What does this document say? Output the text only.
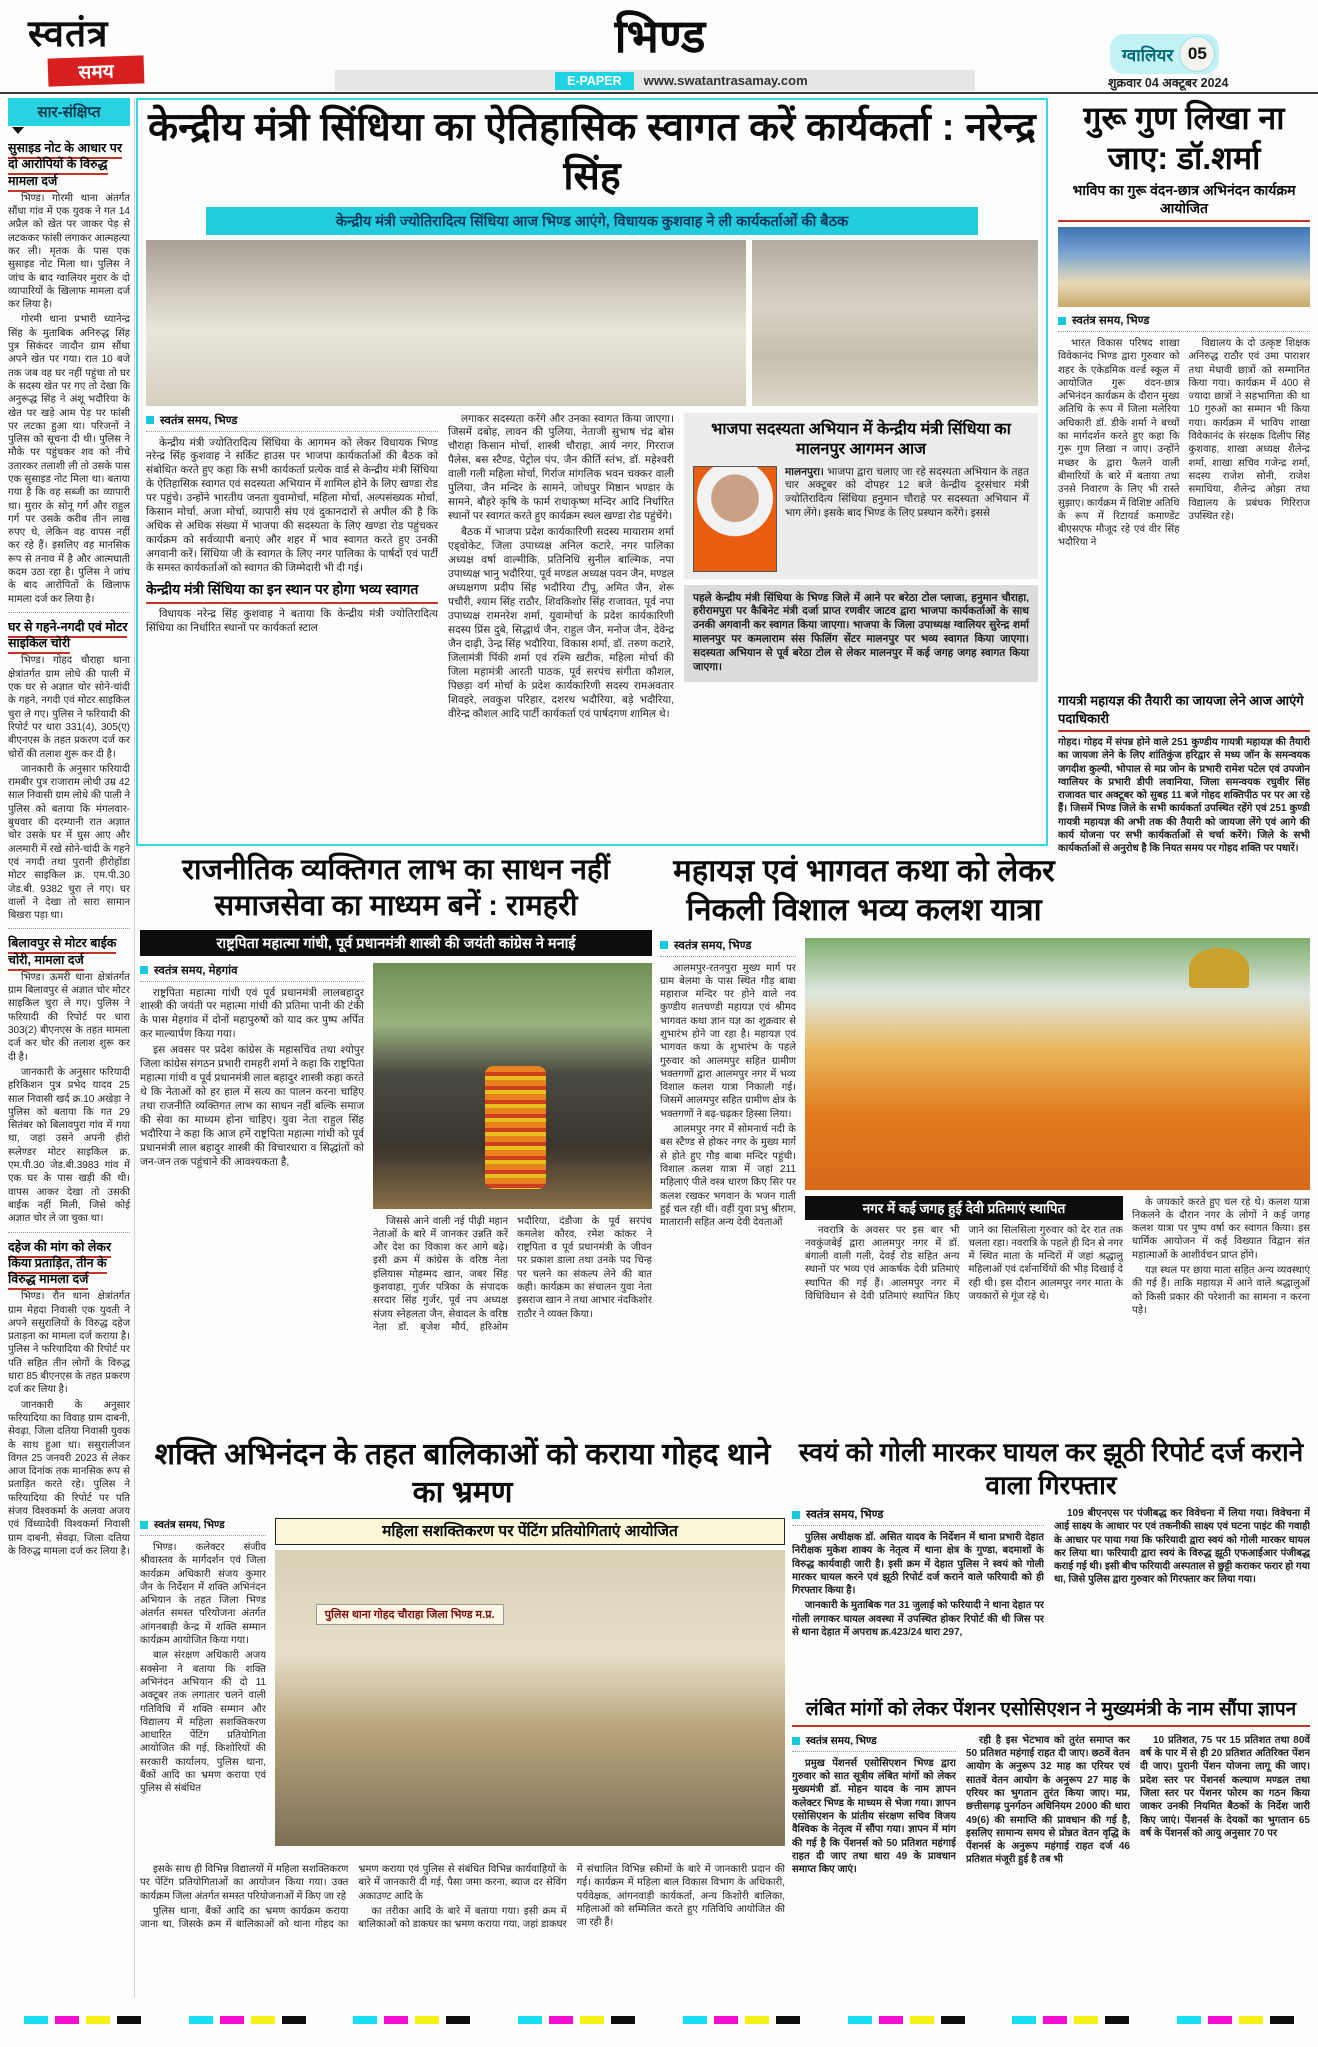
स्वतंत्र
समय
भिण्ड	ग्वालियर 05
शुक्रवार 04 अक्टूबर 2024
E-PAPER	www.swatantrasamay.com
सार-संक्षिप्त
सुसाइड नोट के आधार पर दो आरोपियों के विरुद्ध मामला दर्ज

भिण्ड। गोरमी थाना अंतर्गत सौंधा गांव में एक युवक ने गत 14 अप्रैल को खेत पर जाकर पेड़ से लटककर फांसी लगाकर आत्महत्या कर ली। मृतक के पास एक सुसाइड नोट मिला था। पुलिस ने जांच के बाद ग्वालियर मुरार के दो व्यापारियों के खिलाफ मामला दर्ज कर लिया है।

गोरमी थाना प्रभारी ध्यानेन्द्र सिंह के मुताबिक अनिरुद्ध सिंह पुत्र सिकंदर जादौन ग्राम सौंधा अपने खेत पर गया। रात 10 बजे तक जब वह घर नहीं पहुंचा तो घर के सदस्य खेत पर गए तो देखा कि अनुरूद्ध सिंह ने अंशू भदौरिया के खेत पर खड़े आम पेड़ पर फांसी पर लटका हुआ था। परिजनों ने पुलिस को सूचना दी थी। पुलिस ने मौके पर पहुंचकर शव को नीचे उतारकर तलाशी ली तो उसके पास एक सुसाइड नोट मिला था। बताया गया है कि वह सब्जी का व्यापारी था। मुरार के सोनू गर्ग और राहुल गर्ग पर उसके करीब तीन लाख रुपए थे, लेकिन वह वापस नहीं कर रहे हैं। इसलिए वह मानसिक रूप से तनाव में है और आत्मघाती कदम उठा रहा है। पुलिस ने जांच के बाद आरोपितों के खिलाफ मामला दर्ज कर लिया है।

घर से गहने-नगदी एवं मोटर साइकिल चोरी

भिण्ड। गोहद चौराहा थाना क्षेत्रांतर्गत ग्राम लोधे की पाली में एक घर से अज्ञात चोर सोने-चांदी के गहने, नगदी एवं मोटर साइकिल चुरा ले गए। पुलिस ने फरियादी की रिपोर्ट पर धारा 331(4), 305(ए) बीएनएस के तहत प्रकरण दर्ज कर चोरों की तलाश शुरू कर दी है।

जानकारी के अनुसार फरियादी रामबीर पुत्र राजाराम लोधी उम्र 42 साल निवासी ग्राम लोधे की पाली ने पुलिस को बताया कि मंगलवार-बुधवार की दरम्यानी रात अज्ञात चोर उसके घर में घुस आए और अलमारी में रखे सोने-चांदी के गहने एवं नगदी तथा पुरानी हीरोहोंडा मोटर साइकिल क्र. एम.पी.30 जेड.बी. 9382 चुरा ले गए। घर वालों ने देखा तो सारा सामान बिखरा पड़ा था।

बिलावपुर से मोटर बाईक चोरी, मामला दर्ज

भिण्ड। ऊमरी थाना क्षेत्रांतर्गत ग्राम बिलावपुर से अज्ञात चोर मोटर साइकिल चुरा ले गए। पुलिस ने फरियादी की रिपोर्ट पर धारा 303(2) बीएनएस के तहत मामला दर्ज कर चोर की तलाश शुरू कर दी है।

जानकारी के अनुसार फरियादी हरिकिशन पुत्र प्रभेद यादव 25 साल निवासी खर्द क्र.10 अखेड़ा ने पुलिस को बताया कि गत 29 सितंबर को बिलावपुरा गांव में गया था, जहां उसने अपनी हीरो स्प्लेण्डर मोटर साइकिल क्र. एम.पी.30 जेड.बी.3983 गांव में एक घर के पास खड़ी की थी। वापस आकर देखा तो उसकी बाईक नहीं मिली, जिसे कोई अज्ञात चोर ले जा चुका था।

दहेज की मांग को लेकर किया प्रताड़ित, तीन के विरुद्ध मामला दर्ज

भिण्ड। रौन थाना क्षेत्रांतर्गत ग्राम मेहदा निवासी एक युवती ने अपने ससुरालियों के विरुद्ध दहेज प्रताड़ना का मामला दर्ज कराया है। पुलिस ने फरियादिया की रिपोर्ट पर पति सहित तीन लोगों के विरुद्ध धारा 85 बीएनएस के तहत प्रकरण दर्ज कर लिया है।

जानकारी के अनुसार फरियादिया का विवाह ग्राम दाबनी, सेवढ़ा, जिला दतिया निवासी युवक के साथ हुआ था। ससुरालीजन विगत 25 जनवरी 2023 से लेकर आज दिनांक तक मानसिक रूप से प्रताड़ित करते रहे। पुलिस ने फरियादिया की रिपोर्ट पर पति संजय विश्वकर्मा के अलवा अजय एवं विंध्यादेवी विश्वकर्मा निवासी ग्राम दाबनी, सेवढ़ा, जिला दतिया के विरुद्ध मामला दर्ज कर लिया है।

केन्द्रीय मंत्री सिंधिया का ऐतिहासिक स्वागत करें कार्यकर्ता : नरेन्द्र सिंह
केन्द्रीय मंत्री ज्योतिरादित्य सिंधिया आज भिण्ड आएंगे, विधायक कुशवाह ने ली कार्यकर्ताओं की बैठक
स्वतंत्र समय, भिण्ड

केन्द्रीय मंत्री ज्योतिरादित्य सिंधिया के आगमन को लेकर विधायक भिण्ड नरेन्द्र सिंह कुशवाह ने सर्किट हाउस पर भाजपा कार्यकर्ताओं की बैठक को संबोधित करते हुए कहा कि सभी कार्यकर्ता प्रत्येक वार्ड से केन्द्रीय मंत्री सिंधिया के ऐतिहासिक स्वागत एवं सदस्यता अभियान में शामिल होने के लिए खण्डा रोड पर पहुंचे। उन्होंने भारतीय जनता युवामोर्चा, महिला मोर्चा, अल्पसंख्यक मोर्चा, किसान मोर्चा, अजा मोर्चा, व्यापारी संघ एवं दुकानदारों से अपील की है कि अधिक से अधिक संख्या में भाजपा की सदस्यता के लिए खण्डा रोड पहुंचकर कार्यक्रम को सर्वव्यापी बनाएं और शहर में भाव स्वागत करते हुए उनकी अगवानी करें। सिंधिया जी के स्वागत के लिए नगर पालिका के पार्षदों एवं पार्टी के समस्त कार्यकर्ताओं को स्वागत की जिम्मेदारी भी दी गई।

केन्द्रीय मंत्री सिंधिया का इन स्थान पर होगा भव्य स्वागत

विधायक नरेन्द्र सिंह कुशवाह ने बताया कि केन्द्रीय मंत्री ज्योतिरादित्य सिंधिया का निर्धारित स्थानों पर कार्यकर्ता स्टाल

लगाकर सदस्यता करेंगे और उनका स्वागत किया जाएगा। जिसमें दबोह, लावन की पुलिया, नेताजी सुभाष चंद्र बोस चौराहा किसान मोर्चा, शास्त्री चौराहा, आर्य नगर, गिरराज पैलेस, बस स्टैण्ड, पेट्रोल पंप, जैन कीर्ति स्तंभ, डॉ. महेश्वरी वाली गली महिला मोर्चा, गिर्राज मांगलिक भवन चक्कर वाली पुलिया, जैन मन्दिर के सामने, जोधपुर मिष्ठान भण्डार के सामने, बौहरे कृषि के फार्म राधाकृष्ण मन्दिर आदि निर्धारित स्थानों पर स्वागत करते हुए कार्यक्रम स्थल खण्डा रोड पहुंचेंगे।

बैठक में भाजपा प्रदेश कार्यकारिणी सदस्य मायाराम शर्मा एड्वोकेट, जिला उपाध्यक्ष अनिल कटारे, नगर पालिका अध्यक्ष वर्षा वाल्मीकि, प्रतिनिधि सुनील बाल्मिक, नपा उपाध्यक्ष भानु भदौरिया, पूर्व मण्डल अध्यक्ष पवन जैन, मण्डल अध्यक्षगण प्रदीप सिंह भदौरिया टीपू, अमित जैन, शेरू पचौरी, श्याम सिंह राठौर, शिवकिशोर सिंह राजावत, पूर्व नपा उपाध्यक्ष रामनरेश शर्मा, युवामोर्चा के प्रदेश कार्यकारिणी सदस्य प्रिंस दुबे, सिद्धार्थ जैन, राहुल जैन, मनोज जैन, देवेन्द्र जैन दाढ़ी, उेन्द्र सिंह भदौरिया, विकास शर्मा, डॉ. तरुण कटारे, जिलामंत्री पिंकी शर्मा एवं रश्मि खटीक, महिला मोर्चा की जिला महामंत्री आरती पाठक, पूर्व सरपंच संगीता कौशल, पिछड़ा वर्ग मोर्चा के प्रदेश कार्यकारिणी सदस्य रामअवतार शिवहरे, लवकुश परिहार, दशरथ भदौरिया, बड़े भदौरिया, वीरेन्द्र कौशल आदि पार्टी कार्यकर्ता एवं पार्षदगण शामिल थे।

भाजपा सदस्यता अभियान में केन्द्रीय मंत्री सिंधिया का मालनपुर आगमन आज
मालनपुरा। भाजपा द्वारा चलाए जा रहे सदस्यता अभियान के तहत चार अक्टूबर को दोपहर 12 बजे केन्द्रीय दूरसंचार मंत्री ज्योतिरादित्य सिंधिया हनुमान चौराहे पर सदस्यता अभियान में भाग लेंगे। इसके बाद भिण्ड के लिए प्रस्थान करेंगे। इससे
पहले केन्द्रीय मंत्री सिंधिया के भिण्ड जिले में आने पर बरेठा टोल प्लाजा, हनुमान चौराहा, हरीरामपुरा पर कैबिनेट मंत्री दर्जा प्राप्त रणवीर जाटव द्वारा भाजपा कार्यकर्ताओं के साथ उनकी अगवानी कर स्वागत किया जाएगा। भाजपा के जिला उपाध्यक्ष ग्वालियर सुरेन्द्र शर्मा मालनपुर पर कमलाराम संस फिलिंग सेंटर मालनपुर पर भव्य स्वागत किया जाएगा। सदस्यता अभियान से पूर्व बरेठा टोल से लेकर मालनपुर में कई जगह जगह स्वागत किया जाएगा।
गुरू गुण लिखा ना जाए: डॉ.शर्मा
भाविप का गुरू वंदन-छात्र अभिनंदन कार्यक्रम आयोजित
स्वतंत्र समय, भिण्ड

भारत विकास परिषद शाखा विवेकानंद भिण्ड द्वारा गुरुवार को शहर के एकेडमिक वर्ल्ड स्कूल में आयोजित गुरू वंदन-छात्र अभिनंदन कार्यक्रम के दौरान मुख्य अतिथि के रूप में जिला मलेरिया अधिकारी डॉ. डीके शर्मा ने बच्चों का मार्गदर्शन करते हुए कहा कि गुरू गुण लिखा न जाए। उन्होंने मच्छर के द्वारा फैलने वाली बीमारियों के बारे में बताया तथा उनसे निवारण के लिए भी रास्ते सुझाए। कार्यक्रम में विशिष्ट अतिथि के रूप में रिटायर्ड कमाण्डेंट बीएसएफ मौजूद रहे एवं वीर सिंह भदौरिया ने

विद्यालय के दो उत्कृष्ट शिक्षक अनिरुद्ध राठौर एवं उमा पाराशर तथा मेधावी छात्रों को सम्मानित किया गया। कार्यक्रम में 400 से ज्यादा छात्रों ने सहभागिता की था 10 गुरुओं का सम्मान भी किया गया। कार्यक्रम में भाविप शाखा विवेकानंद के संरक्षक दिलीप सिंह कुशवाह, शाखा अध्यक्ष शैलेन्द्र शर्मा, शाखा सचिव गजेन्द्र शर्मा, सदस्य राजेश सोनी, राजेश समाधिया, शैलेन्द्र ओझा तथा विद्यालय के प्रबंधक गिरिराज उपस्थित रहे।

गायत्री महायज्ञ की तैयारी का जायजा लेने आज आएंगे पदाधिकारी
गोहद। गोहद में संपन्न होने वाले 251 कुण्डीय गायत्री महायज्ञ की तैयारी का जायजा लेने के लिए शांतिकुंज हरिद्वार से मध्य जॉन के समन्वयक जगदीश कुल्यी, भोपाल से मप्र जोन के प्रभारी रामेश पटेल एवं उपजोन ग्वालियर के प्रभारी डीपी लवानिया, जिला समन्वयक रघुवीर सिंह राजावत चार अक्टूबर को सुबह 11 बजे गोहद शक्तिपीठ पर पर आ रहे हैं। जिसमें भिण्ड जिले के सभी कार्यकर्ता उपस्थित रहेंगे एवं 251 कुण्डी गायत्री महायज्ञ की अभी तक की तैयारी को जायजा लेंगे एवं आगे की कार्य योजना पर सभी कार्यकर्ताओं से चर्चा करेंगे। जिले के सभी कार्यकर्ताओं से अनुरोध है कि नियत समय पर गोहद शक्ति पर पधारें।
राजनीतिक व्यक्तिगत लाभ का साधन नहीं समाजसेवा का माध्यम बनें : रामहरी
राष्ट्रपिता महात्मा गांधी, पूर्व प्रधानमंत्री शास्त्री की जयंती कांग्रेस ने मनाई
स्वतंत्र समय, मेहगांव

राष्ट्रपिता महात्मा गांधी एवं पूर्व प्रधानमंत्री लालबहादुर शास्त्री की जयंती पर महात्मा गांधी की प्रतिमा पानी की टंकी के पास मेहगांव में दोनों महापुरुषों को याद कर पुष्प अर्पित कर माल्यार्पण किया गया।

इस अवसर पर प्रदेश कांग्रेस के महासचिव तथा श्योपुर जिला कांग्रेस संगठन प्रभारी रामहरी शर्मा ने कहा कि राष्ट्रपिता महात्मा गांधी व पूर्व प्रधानमंत्री लाल बहादुर शास्त्री कहा करते थे कि नेताओं को हर हाल में सत्य का पालन करना चाहिए तथा राजनीति व्यक्तिगत लाभ का साधन नहीं बल्कि समाज की सेवा का माध्यम होना चाहिए। युवा नेता राहुल सिंह भदौरिया ने कहा कि आज हमें राष्ट्रपिता महात्मा गांधी को पूर्व प्रधानमंत्री लाल बहादुर शास्त्री की विचारधारा व सिद्धांतों को जन-जन तक पहुंचाने की आवश्यकता है,

जिससे आने वाली नई पीढ़ी महान नेताओं के बारे में जानकर उन्नति करें और देश का विकाश कर आगे बढ़े। इसी क्रम में कांग्रेस के वरिष्ठ नेता इलियास मोहम्मद खान, जबर सिंह कुशवाहा, गुर्जर पत्रिका के संपादक सरदार सिंह गुर्जर, पूर्व नप अध्यक्ष संजय स्नेहलता जैन, सेवादल के वरिष्ठ नेता डॉ. बृजेश मौर्य, हरिओम भदौरिया, दंडौजा के पूर्व सरपंच कमलेश कौरव, रमेश कांकर ने राष्ट्रपिता व पूर्व प्रधानमंत्री के जीवन पर प्रकाश डाला तथा उनके पद चिन्ह पर चलने का संकल्प लेने की बात कही। कार्यक्रम का संचालन युवा नेता इसराज खान ने तथा आभार नंदकिशोर राठौर ने व्यक्त किया।

महायज्ञ एवं भागवत कथा को लेकर निकली विशाल भव्य कलश यात्रा
स्वतंत्र समय, भिण्ड

आलमपुर-रतनपुरा मुख्य मार्ग पर ग्राम बेलमा के पास स्थित गौड़ बाबा महाराज मन्दिर पर होने वाले नव कुण्डीय शतचण्डी महायज्ञ एवं श्रीमद भागवत कथा ज्ञान यज्ञ का शुक्रवार से शुभारंभ होने जा रहा है। महायज्ञ एवं भागवत कथा के शुभारंभ के पहले गुरुवार को आलमपुर सहित ग्रामीण भक्तगणों द्वारा आलमपुर नगर में भव्य विशाल कलश यात्रा निकाली गई। जिसमें आलमपुर सहित ग्रामीण क्षेत्र के भक्तगणों ने बढ़-चढ़कर हिस्सा लिया।

आलमपुर नगर में सोमनार्थ नदी के बस स्टैण्ड से होकर नगर के मुख्य मार्ग से होते हुए गौड़ बाबा मन्दिर पहुंची। विशाल कलश यात्रा में जहां 211 महिलाएं पीले वस्त्र धारण किए सिर पर कलश रखकर भगवान के भजन गाती हुई चल रही थीं। वहीं युवा प्रभु श्रीराम, मातारानी सहित अन्य देवी देवताओं

नगर में कई जगह हुई देवी प्रतिमाएं स्थापित

नवरात्रि के अवसर पर इस बार भी नवकुंजबेई द्वारा आलमपुर नगर में डॉ. बंगाली वाली गली, देवई रोड सहित अन्य स्थानों पर भव्य एवं आकर्षक देवी प्रतिमाएं स्थापित की गई हैं। आलमपुर नगर में विधिविधान से देवी प्रतिमाएं स्थापित किए जाने का सिलसिला गुरुवार को देर रात तक चलता रहा। नवरात्रि के पहले ही दिन से नगर में स्थित माता के मन्दिरों में जहां श्रद्धालु महिलाओं एवं दर्शनार्थियों की भीड़ दिखाई दे रही थी। इस दौरान आलमपुर नगर माता के जयकारों से गूंज रहे थे।

के जयकारे करते हुए चल रहे थे। कलश यात्रा निकलने के दौरान नगर के लोगों ने कई जगह कलश यात्रा पर पुष्प वर्षा कर स्वागत किया। इस धार्मिक आयोजन में कई विख्यात विद्वान संत महात्माओं के आशीर्वचन प्राप्त होंगे।

यज्ञ स्थल पर छाया माता सहित अन्य व्यवस्थाएं की गई हैं। ताकि महायज्ञ में आने वाले श्रद्धालुओं को किसी प्रकार की परेशानी का सामना न करना पड़े।

शक्ति अभिनंदन के तहत बालिकाओं को कराया गोहद थाने का भ्रमण
स्वतंत्र समय, भिण्ड

भिण्ड। कलेक्टर संजीव श्रीवास्तव के मार्गदर्शन एवं जिला कार्यक्रम अधिकारी संजय कुमार जैन के निर्देशन में शक्ति अभिनंदन अभियान के तहत जिला भिण्ड अंतर्गत समस्त परियोजना अंतर्गत आंगनबाड़ी केन्द्र में शक्ति सम्मान कार्यक्रम आयोजित किया गया।

बाल संरक्षण अधिकारी अजय सक्सेना ने बताया कि शक्ति अभिनंदन अभियान की दो 11 अक्टूबर तक लगातार चलने वाली गतिविधि में शक्ति सम्मान और विद्यालय में महिला सशक्तिकरण आधारित पेंटिंग प्रतियोगिता आयोजित की गई, किशोरियों की सरकारी कार्यालय, पुलिस थाना, बैंकों आदि का भ्रमण कराया एवं पुलिस से संबंधित

महिला सशक्तिकरण पर पेंटिंग प्रतियोगिताएं आयोजित
पुलिस थाना गोहद चौराहा जिला भिण्ड म.प्र.

इसके साथ ही विभिन्न विद्यालयों में महिला सशक्तिकरण पर पेंटिंग प्रतियोगिताओं का आयोजन किया गया। उक्त कार्यक्रम जिला अंतर्गत समस्त परियोजनाओं में किए जा रहे

पुलिस थाना, बैंकों आदि का भ्रमण कार्यक्रम कराया जाना था, जिसके क्रम में बालिकाओं को थाना गोहद का भ्रमण कराया एवं पुलिस से संबंधित विभिन्न कार्यवाहियों के बारे में जानकारी दी गई, पैसा जमा करना, ब्याज दर सेविंग अकाउण्ट आदि के

का तरीका आदि के बारे में बताया गया। इसी क्रम में बालिकाओं को डाकघर का भ्रमण कराया गया, जहां डाकघर में संचालित विभिन्न स्कीमों के बारे में जानकारी प्रदान की गई। कार्यक्रम में महिला बाल विकास विभाग के अधिकारी, पर्यवेक्षक, आंगनवाड़ी कार्यकर्ता, अन्य किशोरी बालिका, महिलाओं को सम्मिलित करते हुए गतिविधि आयोजित की जा रही हैं।

स्वयं को गोली मारकर घायल कर झूठी रिपोर्ट दर्ज कराने वाला गिरफ्तार
स्वतंत्र समय, भिण्ड

पुलिस अधीक्षक डॉ. असित यादव के निर्देशन में थाना प्रभारी देहात निरीक्षक मुकेश शाक्य के नेतृत्व में थाना क्षेत्र के गुण्डा, बदमाशों के विरुद्ध कार्यवाही जारी है। इसी क्रम में देहात पुलिस ने स्वयं को गोली मारकर घायल करने एवं झूठी रिपोर्ट दर्ज कराने वाले फरियादी को ही गिरफ्तार किया है।

जानकारी के मुताबिक गत 31 जुलाई को फरियादी ने थाना देहात पर गोली लगाकर घायल अवस्था में उपस्थित होकर रिपोर्ट की थी जिस पर से थाना देहात में अपराध क्र.423/24 धारा 297,

109 बीएनएस पर पंजीबद्ध कर विवेचना में लिया गया। विवेचना में आई साक्ष्य के आधार पर एवं तकनीकी साक्ष्य एवं घटना पाइंट की गवाही के आधार पर पाया गया कि फरियादी द्वारा स्वयं को गोली मारकर घायल कर लिया था। फरियादी द्वारा स्वयं के विरुद्ध झूठी एफआईआर पंजीबद्ध कराई गई थी। इसी बीच फरियादी अस्पताल से छुट्टी कराकर फरार हो गया था, जिसे पुलिस द्वारा गुरुवार को गिरफ्तार कर लिया गया।

लंबित मांगों को लेकर पेंशनर एसोसिएशन ने मुख्यमंत्री के नाम सौंपा ज्ञापन
स्वतंत्र समय, भिण्ड

प्रमुख पेंशनर्स एसोसिएशन भिण्ड द्वारा गुरुवार को सात सूत्रीय लंबित मांगों को लेकर मुख्यमंत्री डॉ. मोहन यादव के नाम ज्ञापन कलेक्टर भिण्ड के माध्यम से भेजा गया। ज्ञापन एसोसिएशन के प्रांतीय संरक्षण सचिव विजय वैश्विक के नेतृत्व में सौंपा गया। ज्ञापन में मांग की गई है कि पेंशनर्स को 50 प्रतिशत महंगाई राहत दी जाए तथा धारा 49 के प्रावधान समाप्त किए जाएं।

रही है इस भेटभाव को तुरंत समाप्त कर 50 प्रतिशत महंगाई राहत दी जाए। छठवें वेतन आयोग के अनुरूप 32 माह का एरियर एवं सातवें वेतन आयोग के अनुरूप 27 माह के एरियर का भुगतान तुरंत किया जाए। मप्र, छत्तीसगढ़ पुनर्गठन अधिनियम 2000 की धारा 49(6) की समाप्ति की प्रावधान की गई है, इसलिए सामान्य समय से प्रोन्नत वेतन वृद्धि के पेंशनर्स के अनुरूप महंगाई राहत दर्ज 46 प्रतिशत मंजूरी हुई है तब भी

10 प्रतिशत, 75 पर 15 प्रतिशत तथा 80वें वर्ष के पार में से ही 20 प्रतिशत अतिरिक्त पेंशन दी जाए। पुरानी पेंशन योजना लागू की जाए। प्रदेश स्तर पर पेंशनर्स कल्याण मण्डल तथा जिला स्तर पर पेंशनर फोरम का गठन किया जाकर उनकी नियमित बैठकों के निर्देश जारी किए जाएं। पेंशनर्स के देयकों का भुगतान 65 वर्ष के पेंशनर्स को आयु अनुसार 70 पर
